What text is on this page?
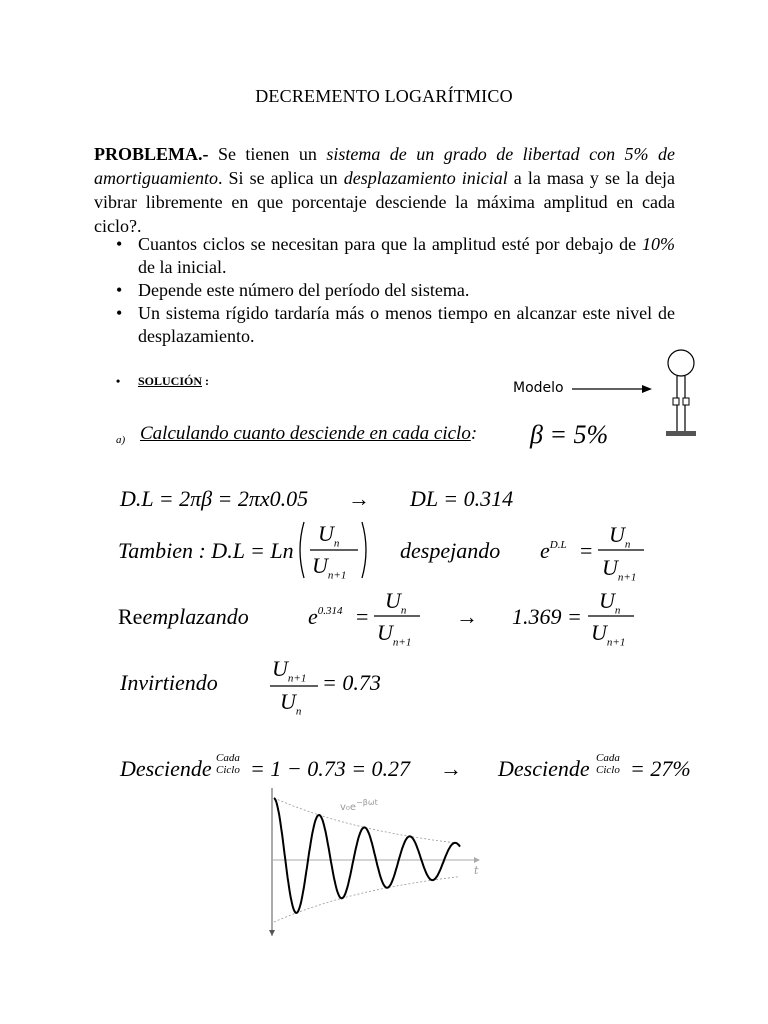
DECREMENTO LOGARÍTMICO
PROBLEMA.- Se tienen un sistema de un grado de libertad con 5% de amortiguamiento. Si se aplica un desplazamiento inicial a la masa y se la deja vibrar libremente en que porcentaje desciende la máxima amplitud en cada ciclo?.
• Cuantos ciclos se necesitan para que la amplitud esté por debajo de 10% de la inicial.
• Depende este número del período del sistema.
• Un sistema rígido tardaría más o menos tiempo en alcanzar este nivel de desplazamiento.
• SOLUCIÓN :	Modelo
a) Calculando cuanto desciende en cada ciclo: β = 5%
D.L = 2πβ = 2πx0.05 → DL = 0.314
Tambien : D.L = Ln
$U_n$
$U_{n+1}$
despejando $e^{D.L}$ =
$U_n$
$U_{n+1}$
Reemplazando	$e^{0.314}$ =
$U_n$
$U_{n+1}$
→ 1.369 =
$U_n$
$U_{n+1}$
Invirtiendo
$U_{n+1}$
$U_n$
= 0.73
Desciende Cada
Ciclo = 1 − 0.73 = 0.27 → Desciende Cada
Ciclo = 27%
$v_0e^{-\beta\omega t}$
t
